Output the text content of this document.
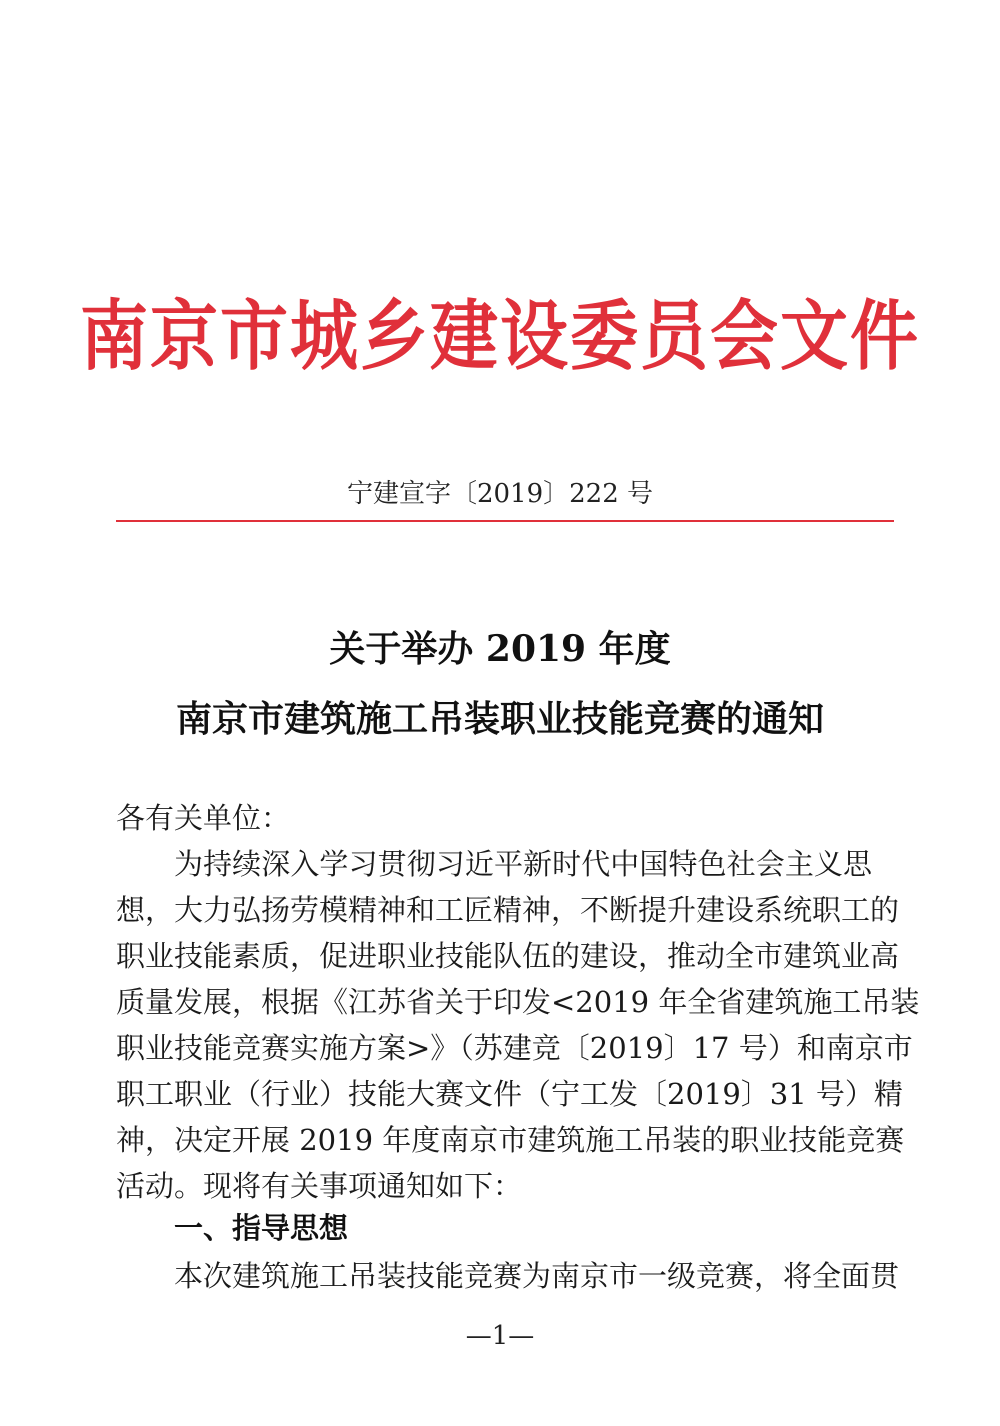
南京市城乡建设委员会文件
宁建宣字〔2019〕222 号
关于举办 2019 年度
南京市建筑施工吊装职业技能竞赛的通知
各有关单位：
为持续深入学习贯彻习近平新时代中国特色社会主义思
想，大力弘扬劳模精神和工匠精神，不断提升建设系统职工的
职业技能素质，促进职业技能队伍的建设，推动全市建筑业高
质量发展，根据《江苏省关于印发<2019 年全省建筑施工吊装
职业技能竞赛实施方案>》（苏建竞〔2019〕17 号）和南京市
职工职业（行业）技能大赛文件（宁工发〔2019〕31 号）精
神，决定开展 2019 年度南京市建筑施工吊装的职业技能竞赛
活动。现将有关事项通知如下：
一、指导思想
本次建筑施工吊装技能竞赛为南京市一级竞赛，将全面贯
—1—
